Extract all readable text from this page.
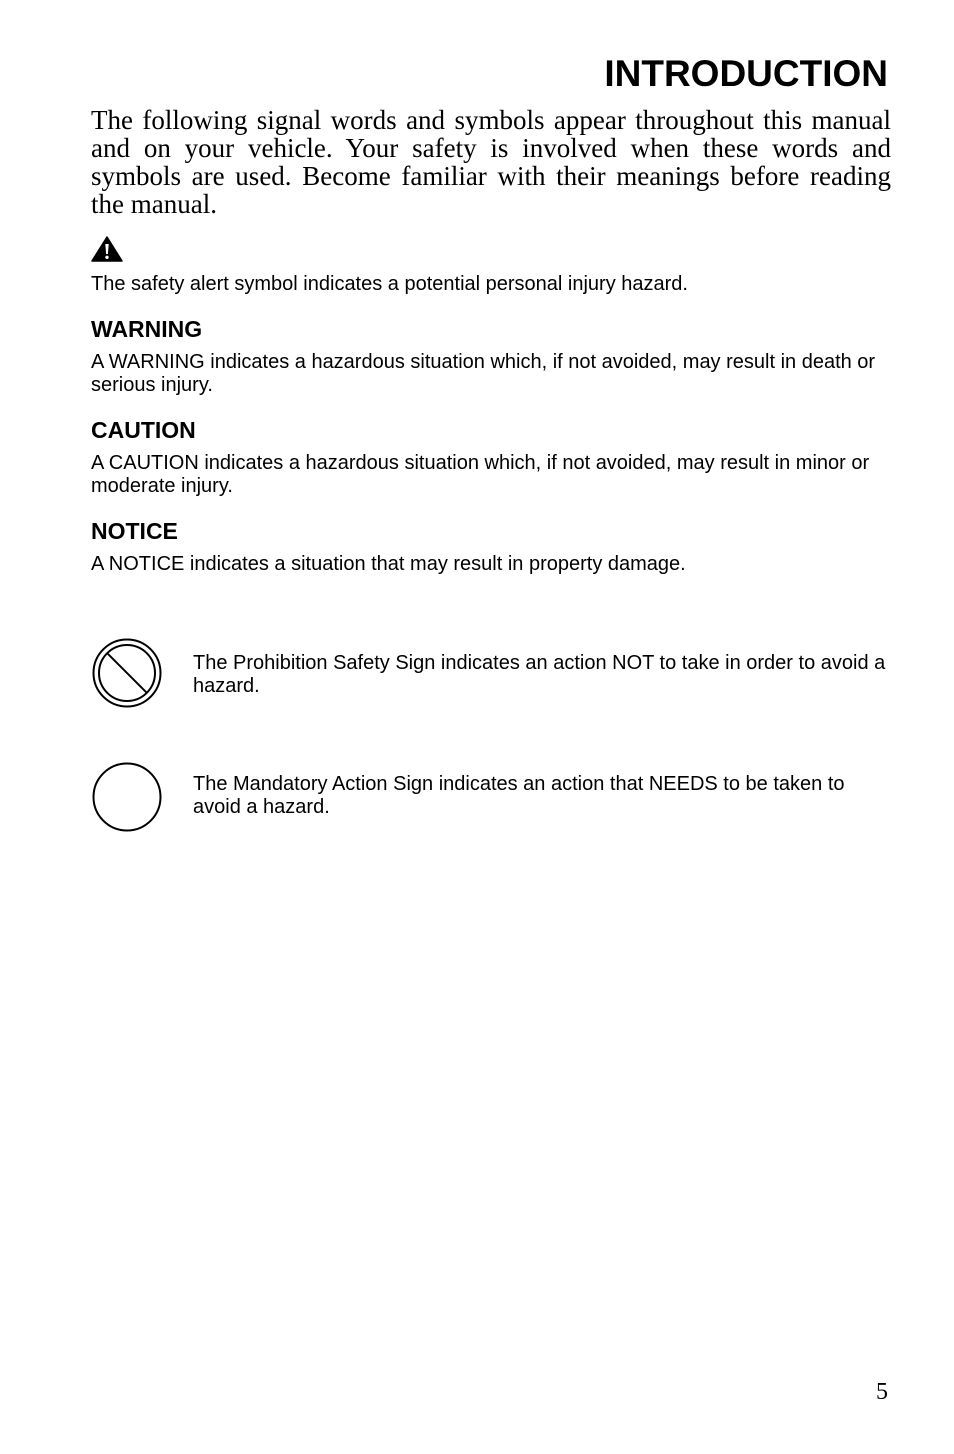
INTRODUCTION

The following signal words and symbols appear throughout this manual and on your vehicle. Your safety is involved when these words and symbols are used. Become familiar with their meanings before reading the manual.

The safety alert symbol indicates a potential personal injury hazard.

WARNING

A WARNING indicates a hazardous situation which, if not avoided, may result in death or serious injury.

CAUTION

A CAUTION indicates a hazardous situation which, if not avoided, may result in minor or moderate injury.

NOTICE

A NOTICE indicates a situation that may result in property damage.

The Prohibition Safety Sign indicates an action NOT to take in order to avoid a hazard.

The Mandatory Action Sign indicates an action that NEEDS to be taken to avoid a hazard.

5
